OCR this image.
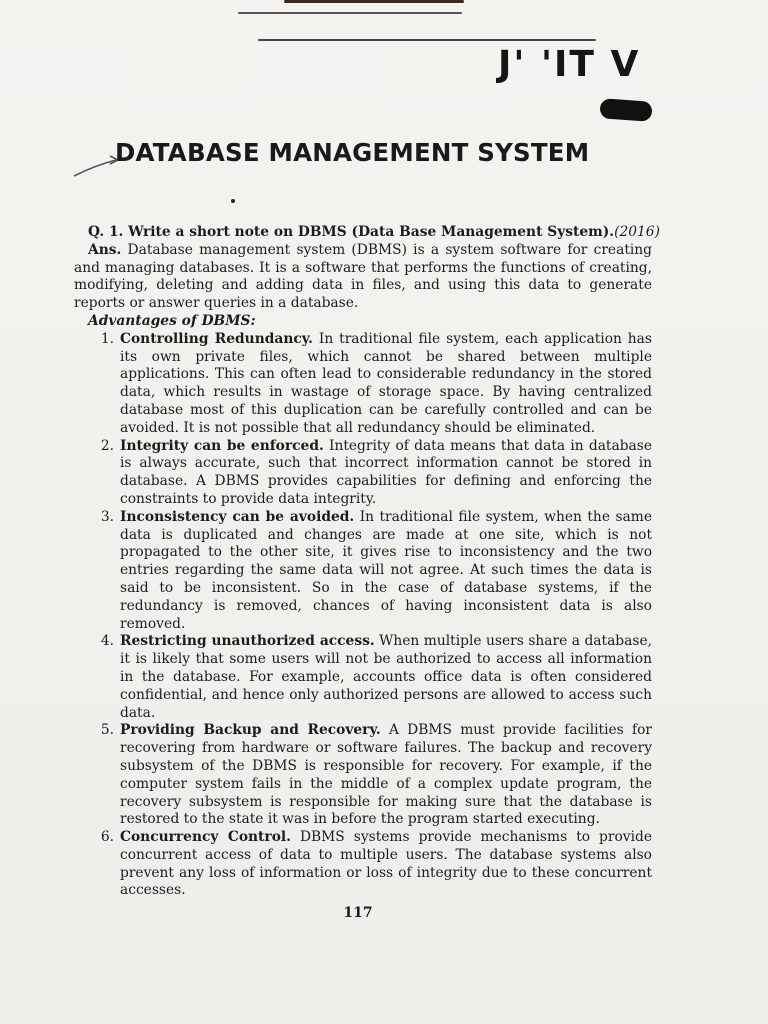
J' 'IT V
DATABASE MANAGEMENT SYSTEM
Q. 1. Write a short note on DBMS (Data Base Management System). (2016)

Ans. Database management system (DBMS) is a system software for creating and managing databases. It is a software that performs the functions of creating, modifying, deleting and adding data in files, and using this data to generate reports or answer queries in a database.

Advantages of DBMS:

1. Controlling Redundancy. In traditional file system, each application has its own private files, which cannot be shared between multiple applications. This can often lead to considerable redundancy in the stored data, which results in wastage of storage space. By having centralized database most of this duplication can be carefully controlled and can be avoided. It is not possible that all redundancy should be eliminated.
2. Integrity can be enforced. Integrity of data means that data in database is always accurate, such that incorrect information cannot be stored in database. A DBMS provides capabilities for defining and enforcing the constraints to provide data integrity.
3. Inconsistency can be avoided. In traditional file system, when the same data is duplicated and changes are made at one site, which is not propagated to the other site, it gives rise to inconsistency and the two entries regarding the same data will not agree. At such times the data is said to be inconsistent. So in the case of database systems, if the redundancy is removed, chances of having inconsistent data is also removed.
4. Restricting unauthorized access. When multiple users share a database, it is likely that some users will not be authorized to access all information in the database. For example, accounts office data is often considered confidential, and hence only authorized persons are allowed to access such data.
5. Providing Backup and Recovery. A DBMS must provide facilities for recovering from hardware or software failures. The backup and recovery subsystem of the DBMS is responsible for recovery. For example, if the computer system fails in the middle of a complex update program, the recovery subsystem is responsible for making sure that the database is restored to the state it was in before the program started executing.
6. Concurrency Control. DBMS systems provide mechanisms to provide concurrent access of data to multiple users. The database systems also prevent any loss of information or loss of integrity due to these concurrent accesses.
117
